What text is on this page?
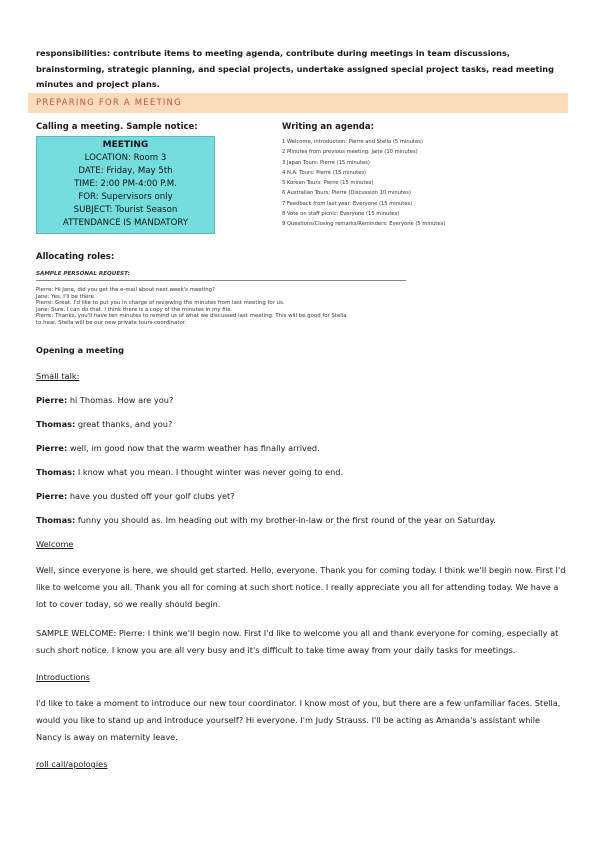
responsibilities: contribute items to meeting agenda, contribute during meetings in team discussions, brainstorming, strategic planning, and special projects, undertake assigned special project tasks, read meeting minutes and project plans.

PREPARING FOR A MEETING

Calling a meeting. Sample notice:

MEETING
LOCATION: Room 3
DATE: Friday, May 5th
TIME: 2:00 PM-4:00 P.M.
FOR: Supervisors only
SUBJECT: Tourist Season
ATTENDANCE IS MANDATORY

Writing an agenda:

1 Welcome, introduction: Pierre and Stella (5 minutes)
2 Minutes from previous meeting: Jane (10 minutes)
3 Japan Tours: Pierre (15 minutes)
4 N.A. Tours: Pierre (15 minutes)
5 Korean Tours: Pierre (15 minutes)
6 Australian Tours: Pierre (Discussion 10 minutes)
7 Feedback from last year: Everyone (15 minutes)
8 Vote on staff picnic: Everyone (15 minutes)
9 Questions/Closing remarks/Reminders: Everyone (5 minutes)

Allocating roles:

SAMPLE PERSONAL REQUEST:
Pierre: Hi Jane, did you get the e-mail about next week's meeting?
Jane: Yes, I'll be there.
Pierre: Great. I'd like to put you in charge of reviewing the minutes from last meeting for us.
Jane: Sure. I can do that. I think there is a copy of the minutes in my file.
Pierre: Thanks, you'll have ten minutes to remind us of what we discussed last meeting. This will be good for Stella
to hear. Stella will be our new private tours coordinator.

Opening a meeting

Small talk:

Pierre: hi Thomas. How are you?

Thomas: great thanks, and you?

Pierre: well, im good now that the warm weather has finally arrived.

Thomas: I know what you mean. I thought winter was never going to end.

Pierre: have you dusted off your golf clubs yet?

Thomas: funny you should as. Im heading out with my brother-in-law or the first round of the year on Saturday.

Welcome

Well, since everyone is here, we should get started. Hello, everyone. Thank you for coming today. I think we'll begin now. First I'd like to welcome you all. Thank you all for coming at such short notice. I really appreciate you all for attending today. We have a lot to cover today, so we really should begin.

SAMPLE WELCOME: Pierre: I think we'll begin now. First I'd like to welcome you all and thank everyone for coming, especially at such short notice. I know you are all very busy and it's difficult to take time away from your daily tasks for meetings.

Introductions

I'd like to take a moment to introduce our new tour coordinator. I know most of you, but there are a few unfamiliar faces. Stella, would you like to stand up and introduce yourself? Hi everyone. I'm Judy Strauss. I'll be acting as Amanda's assistant while Nancy is away on maternity leave.

roll call/apologies
